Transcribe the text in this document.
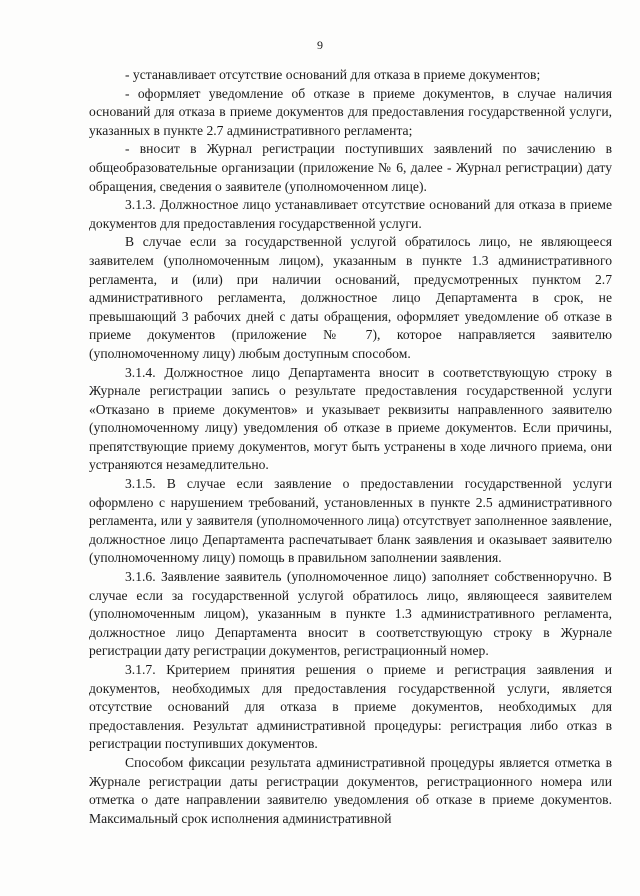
9

- устанавливает отсутствие оснований для отказа в приеме документов;

- оформляет уведомление об отказе в приеме документов, в случае наличия оснований для отказа в приеме документов для предоставления государственной услуги, указанных в пункте 2.7 административного регламента;

- вносит в Журнал регистрации поступивших заявлений по зачислению в общеобразовательные организации (приложение № 6, далее - Журнал регистрации) дату обращения, сведения о заявителе (уполномоченном лице).

3.1.3. Должностное лицо устанавливает отсутствие оснований для отказа в приеме документов для предоставления государственной услуги.

В случае если за государственной услугой обратилось лицо, не являющееся заявителем (уполномоченным лицом), указанным в пункте 1.3 административного регламента, и (или) при наличии оснований, предусмотренных пунктом 2.7 административного регламента, должностное лицо Департамента в срок, не превышающий 3 рабочих дней с даты обращения, оформляет уведомление об отказе в приеме документов (приложение № 7), которое направляется заявителю (уполномоченному лицу) любым доступным способом.

3.1.4. Должностное лицо Департамента вносит в соответствующую строку в Журнале регистрации запись о результате предоставления государственной услуги «Отказано в приеме документов» и указывает реквизиты направленного заявителю (уполномоченному лицу) уведомления об отказе в приеме документов. Если причины, препятствующие приему документов, могут быть устранены в ходе личного приема, они устраняются незамедлительно.

3.1.5. В случае если заявление о предоставлении государственной услуги оформлено с нарушением требований, установленных в пункте 2.5 административного регламента, или у заявителя (уполномоченного лица) отсутствует заполненное заявление, должностное лицо Департамента распечатывает бланк заявления и оказывает заявителю (уполномоченному лицу) помощь в правильном заполнении заявления.

3.1.6. Заявление заявитель (уполномоченное лицо) заполняет собственноручно. В случае если за государственной услугой обратилось лицо, являющееся заявителем (уполномоченным лицом), указанным в пункте 1.3 административного регламента, должностное лицо Департамента вносит в соответствующую строку в Журнале регистрации дату регистрации документов, регистрационный номер.

3.1.7. Критерием принятия решения о приеме и регистрация заявления и документов, необходимых для предоставления государственной услуги, является отсутствие оснований для отказа в приеме документов, необходимых для предоставления. Результат административной процедуры: регистрация либо отказ в регистрации поступивших документов.

Способом фиксации результата административной процедуры является отметка в Журнале регистрации даты регистрации документов, регистрационного номера или отметка о дате направлении заявителю уведомления об отказе в приеме документов. Максимальный срок исполнения административной
